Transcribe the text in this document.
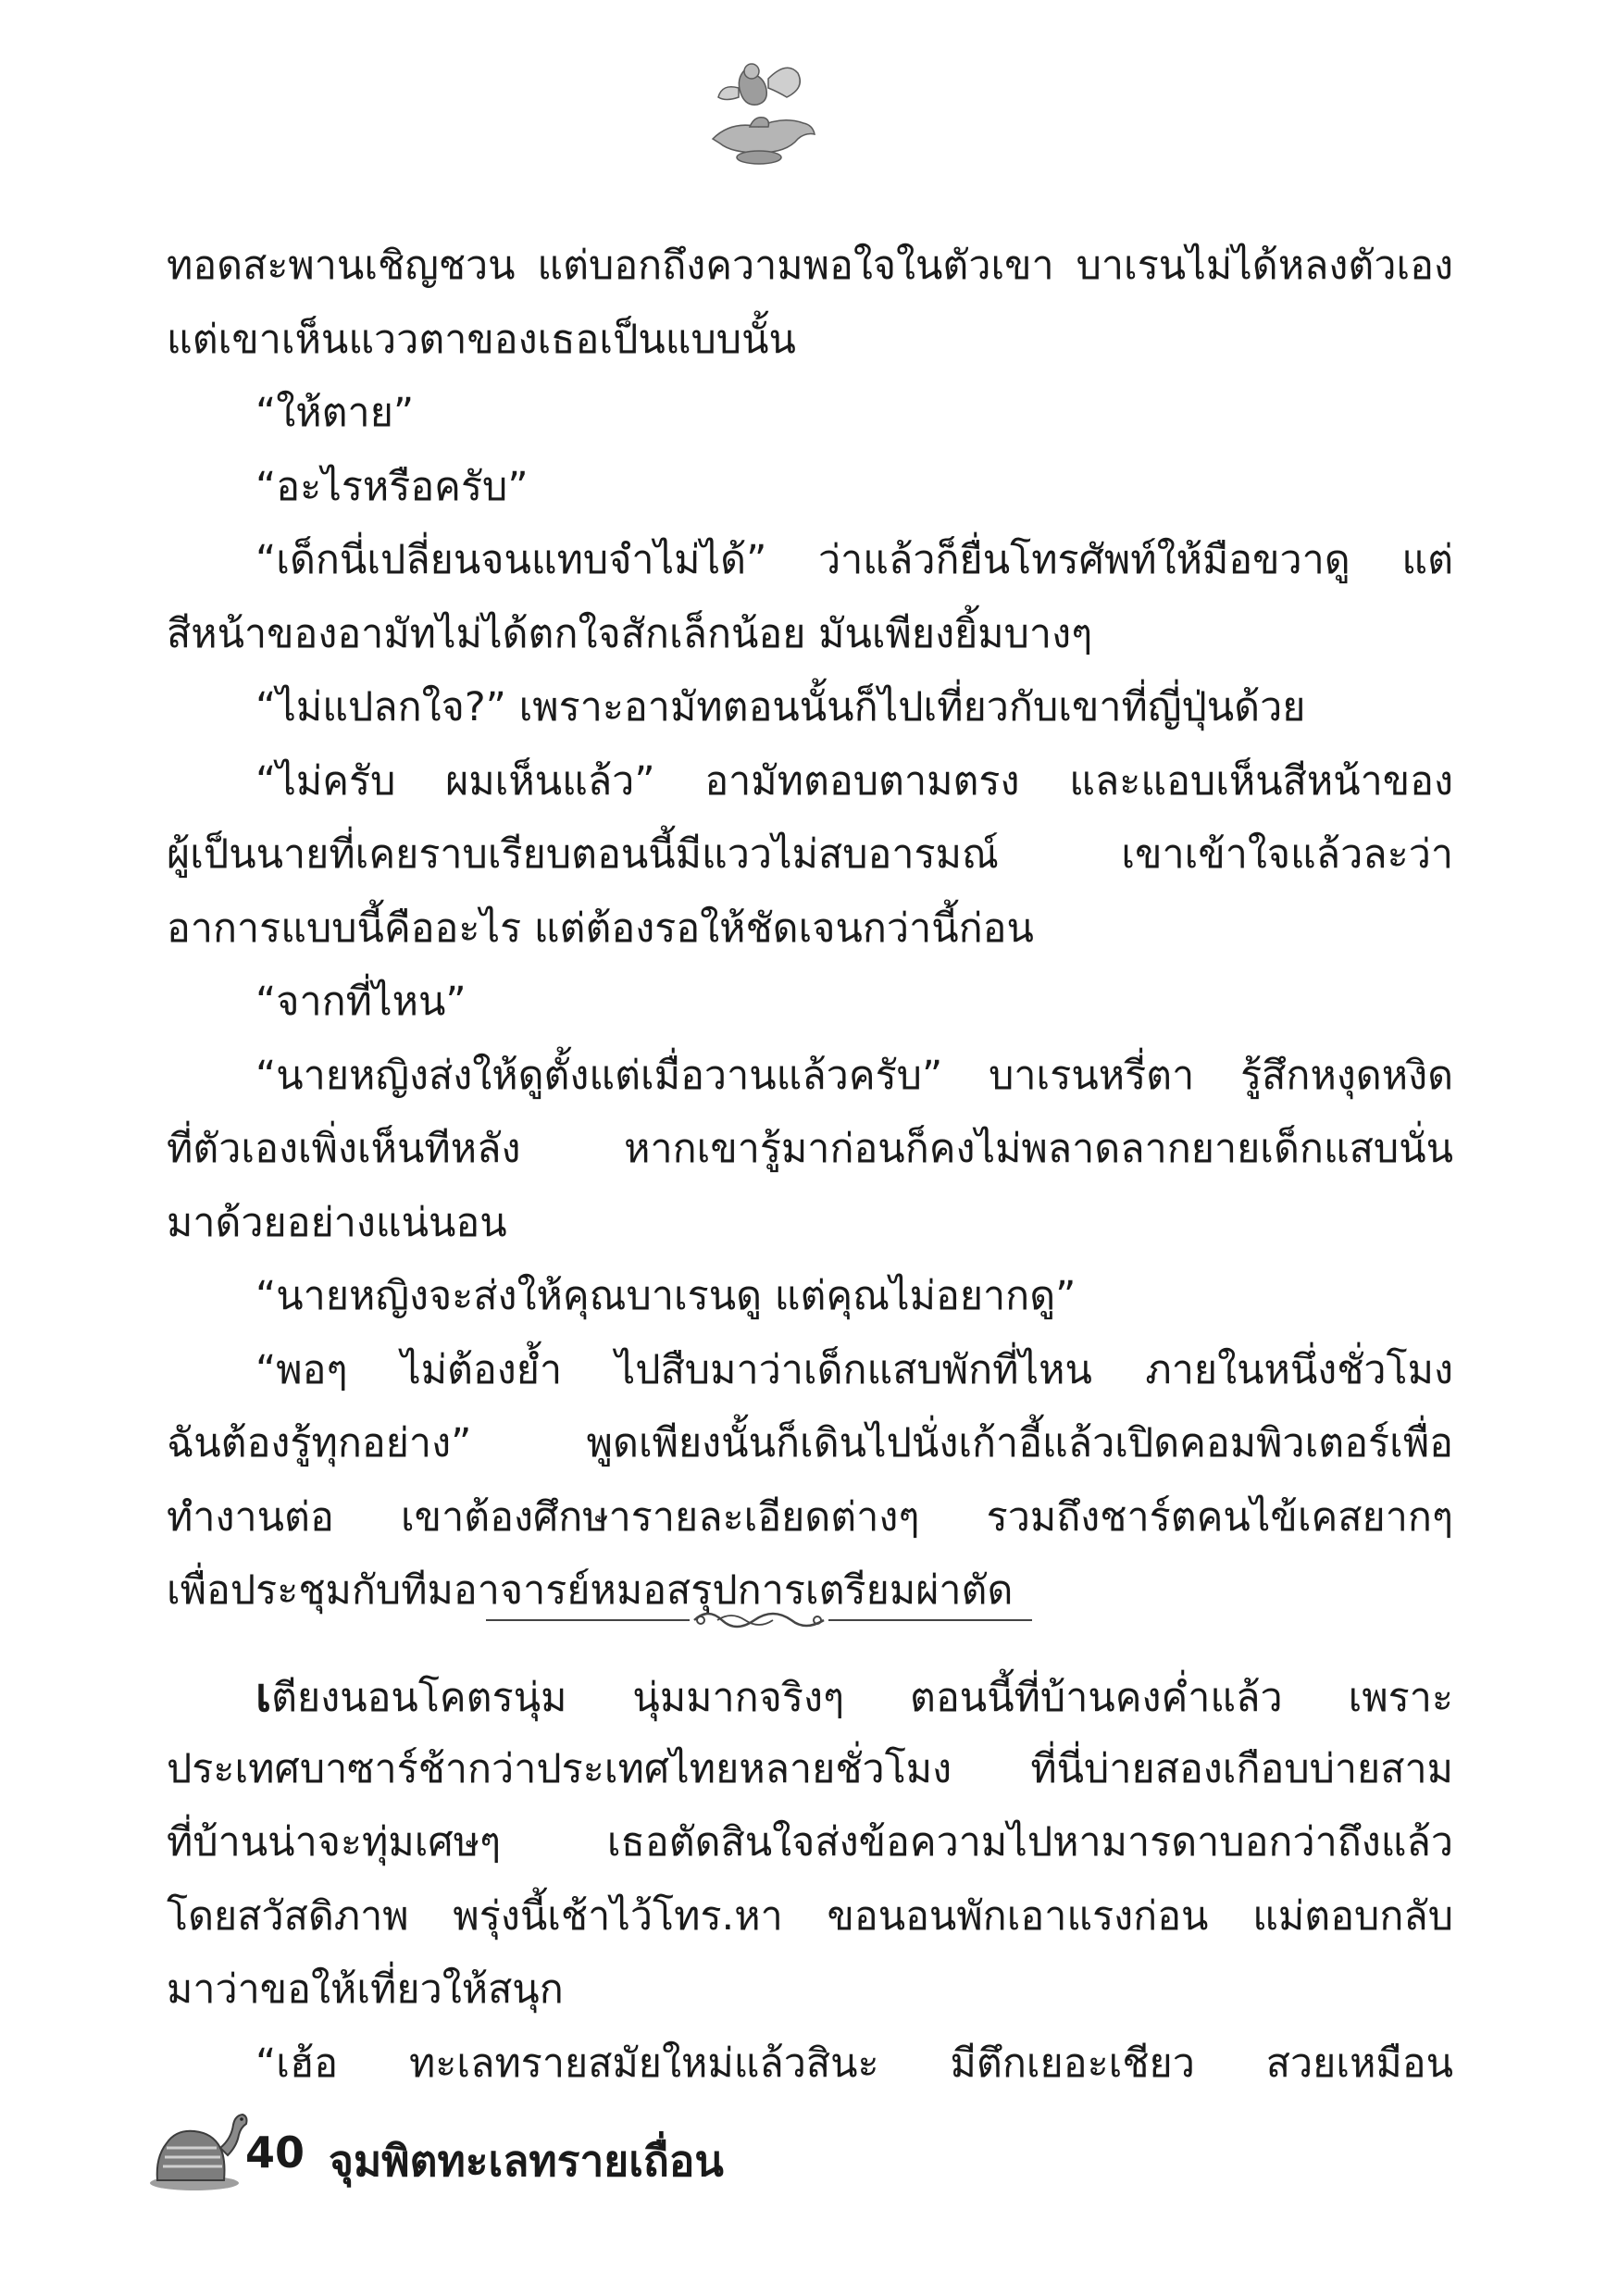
ทอดสะพานเชิญชวน แต่บอกถึงความพอใจในตัวเขา บาเรนไม่ได้หลงตัวเอง
แต่เขาเห็นแววตาของเธอเป็นแบบนั้น
“ให้ตาย”
“อะไรหรือครับ”
“เด็กนี่เปลี่ยนจนแทบจำไม่ได้” ว่าแล้วก็ยื่นโทรศัพท์ให้มือขวาดู แต่
สีหน้าของอามัทไม่ได้ตกใจสักเล็กน้อย มันเพียงยิ้มบางๆ
“ไม่แปลกใจ?” เพราะอามัทตอนนั้นก็ไปเที่ยวกับเขาที่ญี่ปุ่นด้วย
“ไม่ครับ ผมเห็นแล้ว” อามัทตอบตามตรง และแอบเห็นสีหน้าของ
ผู้เป็นนายที่เคยราบเรียบตอนนี้มีแววไม่สบอารมณ์ เขาเข้าใจแล้วละว่า
อาการแบบนี้คืออะไร แต่ต้องรอให้ชัดเจนกว่านี้ก่อน
“จากที่ไหน”
“นายหญิงส่งให้ดูตั้งแต่เมื่อวานแล้วครับ” บาเรนหรี่ตา รู้สึกหงุดหงิด
ที่ตัวเองเพิ่งเห็นทีหลัง หากเขารู้มาก่อนก็คงไม่พลาดลากยายเด็กแสบนั่น
มาด้วยอย่างแน่นอน
“นายหญิงจะส่งให้คุณบาเรนดู แต่คุณไม่อยากดู”
“พอๆ ไม่ต้องย้ำ ไปสืบมาว่าเด็กแสบพักที่ไหน ภายในหนึ่งชั่วโมง
ฉันต้องรู้ทุกอย่าง” พูดเพียงนั้นก็เดินไปนั่งเก้าอี้แล้วเปิดคอมพิวเตอร์เพื่อ
ทำงานต่อ เขาต้องศึกษารายละเอียดต่างๆ รวมถึงชาร์ตคนไข้เคสยากๆ
เพื่อประชุมกับทีมอาจารย์หมอสรุปการเตรียมผ่าตัด
เตียงนอนโคตรนุ่ม นุ่มมากจริงๆ ตอนนี้ที่บ้านคงค่ำแล้ว เพราะ
ประเทศบาซาร์ช้ากว่าประเทศไทยหลายชั่วโมง ที่นี่บ่ายสองเกือบบ่ายสาม
ที่บ้านน่าจะทุ่มเศษๆ เธอตัดสินใจส่งข้อความไปหามารดาบอกว่าถึงแล้ว
โดยสวัสดิภาพ พรุ่งนี้เช้าไว้โทร.หา ขอนอนพักเอาแรงก่อน แม่ตอบกลับ
มาว่าขอให้เที่ยวให้สนุก
“เฮ้อ ทะเลทรายสมัยใหม่แล้วสินะ มีตึกเยอะเชียว สวยเหมือน
40 จุมพิตทะเลทรายเถื่อน
